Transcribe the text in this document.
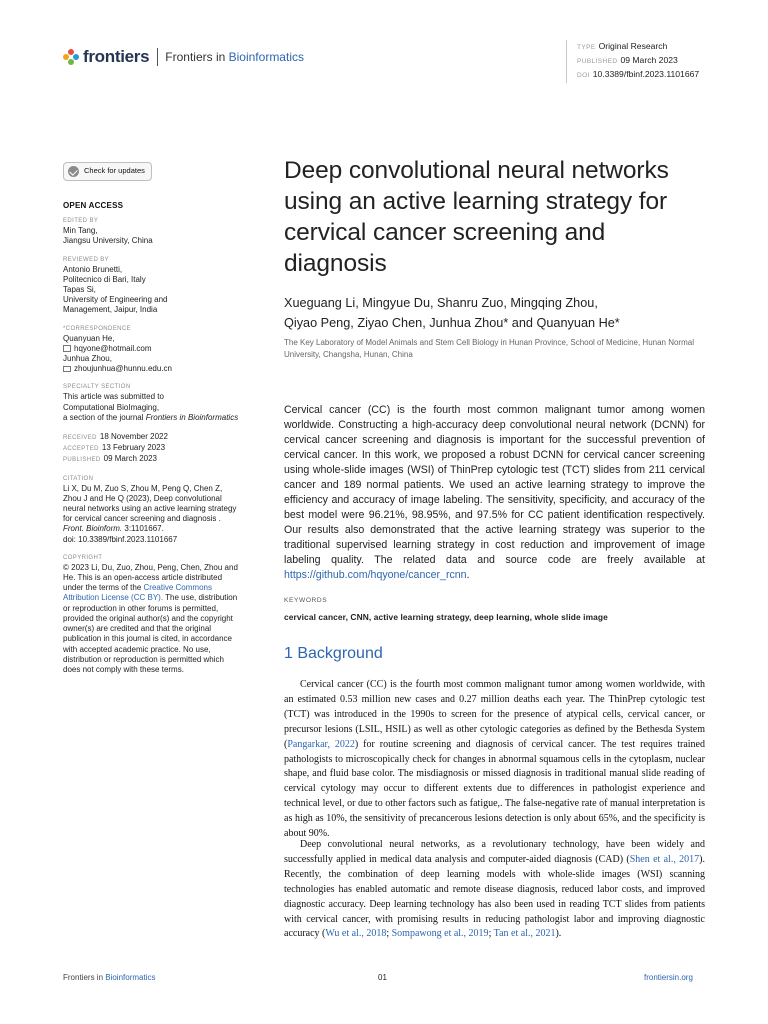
frontiers Frontiers in Bioinformatics
TYPE Original Research
PUBLISHED 09 March 2023
DOI 10.3389/fbinf.2023.1101667
Check for updates
OPEN ACCESS
EDITED BY
Min Tang,
Jiangsu University, China
REVIEWED BY
Antonio Brunetti,
Politecnico di Bari, Italy
Tapas Si,
University of Engineering and
Management, Jaipur, India
*CORRESPONDENCE
Quanyuan He,
hqyone@hotmail.com
Junhua Zhou,
zhoujunhua@hunnu.edu.cn
SPECIALTY SECTION
This article was submitted to
Computational BioImaging,
a section of the journal Frontiers in Bioinformatics
RECEIVED 18 November 2022
ACCEPTED 13 February 2023
PUBLISHED 09 March 2023
CITATION
Li X, Du M, Zuo S, Zhou M, Peng Q, Chen Z, Zhou J and He Q (2023), Deep convolutional neural networks using an active learning strategy for cervical cancer screening and diagnosis .
Front. Bioinform. 3:1101667.
doi: 10.3389/fbinf.2023.1101667
COPYRIGHT
© 2023 Li, Du, Zuo, Zhou, Peng, Chen, Zhou and He. This is an open-access article distributed under the terms of the Creative Commons Attribution License (CC BY). The use, distribution or reproduction in other forums is permitted, provided the original author(s) and the copyright owner(s) are credited and that the original publication in this journal is cited, in accordance with accepted academic practice. No use, distribution or reproduction is permitted which does not comply with these terms.
Deep convolutional neural networks using an active learning strategy for cervical cancer screening and diagnosis
Xueguang Li, Mingyue Du, Shanru Zuo, Mingqing Zhou,
Qiyao Peng, Ziyao Chen, Junhua Zhou* and Quanyuan He*
The Key Laboratory of Model Animals and Stem Cell Biology in Hunan Province, School of Medicine, Hunan Normal University, Changsha, Hunan, China
Cervical cancer (CC) is the fourth most common malignant tumor among women worldwide. Constructing a high-accuracy deep convolutional neural network (DCNN) for cervical cancer screening and diagnosis is important for the successful prevention of cervical cancer. In this work, we proposed a robust DCNN for cervical cancer screening using whole-slide images (WSI) of ThinPrep cytologic test (TCT) slides from 211 cervical cancer and 189 normal patients. We used an active learning strategy to improve the efficiency and accuracy of image labeling. The sensitivity, specificity, and accuracy of the best model were 96.21%, 98.95%, and 97.5% for CC patient identification respectively. Our results also demonstrated that the active learning strategy was superior to the traditional supervised learning strategy in cost reduction and improvement of image labeling quality. The related data and source code are freely available at https://github.com/hqyone/cancer_rcnn.
KEYWORDS
cervical cancer, CNN, active learning strategy, deep learning, whole slide image
1 Background

Cervical cancer (CC) is the fourth most common malignant tumor among women worldwide, with an estimated 0.53 million new cases and 0.27 million deaths each year. The ThinPrep cytologic test (TCT) was introduced in the 1990s to screen for the presence of atypical cells, cervical cancer, or precursor lesions (LSIL, HSIL) as well as other cytologic categories as defined by the Bethesda System (Pangarkar, 2022) for routine screening and diagnosis of cervical cancer. The test requires trained pathologists to microscopically check for changes in abnormal squamous cells in the cytoplasm, nuclear shape, and fluid base color. The misdiagnosis or missed diagnosis in traditional manual slide reading of cervical cytology may occur to different extents due to differences in pathologist experience and technical level, or due to other factors such as fatigue,. The false-negative rate of manual interpretation is as high as 10%, the sensitivity of precancerous lesions detection is only about 65%, and the specificity is about 90%.

Deep convolutional neural networks, as a revolutionary technology, have been widely and successfully applied in medical data analysis and computer-aided diagnosis (CAD) (Shen et al., 2017). Recently, the combination of deep learning models with whole-slide images (WSI) scanning technologies has enabled automatic and remote disease diagnosis, reduced labor costs, and improved diagnostic accuracy. Deep learning technology has also been used in reading TCT slides from patients with cervical cancer, with promising results in reducing pathologist labor and improving diagnostic accuracy (Wu et al., 2018; Sompawong et al., 2019; Tan et al., 2021).

Frontiers in Bioinformatics	01	frontiersin.org
